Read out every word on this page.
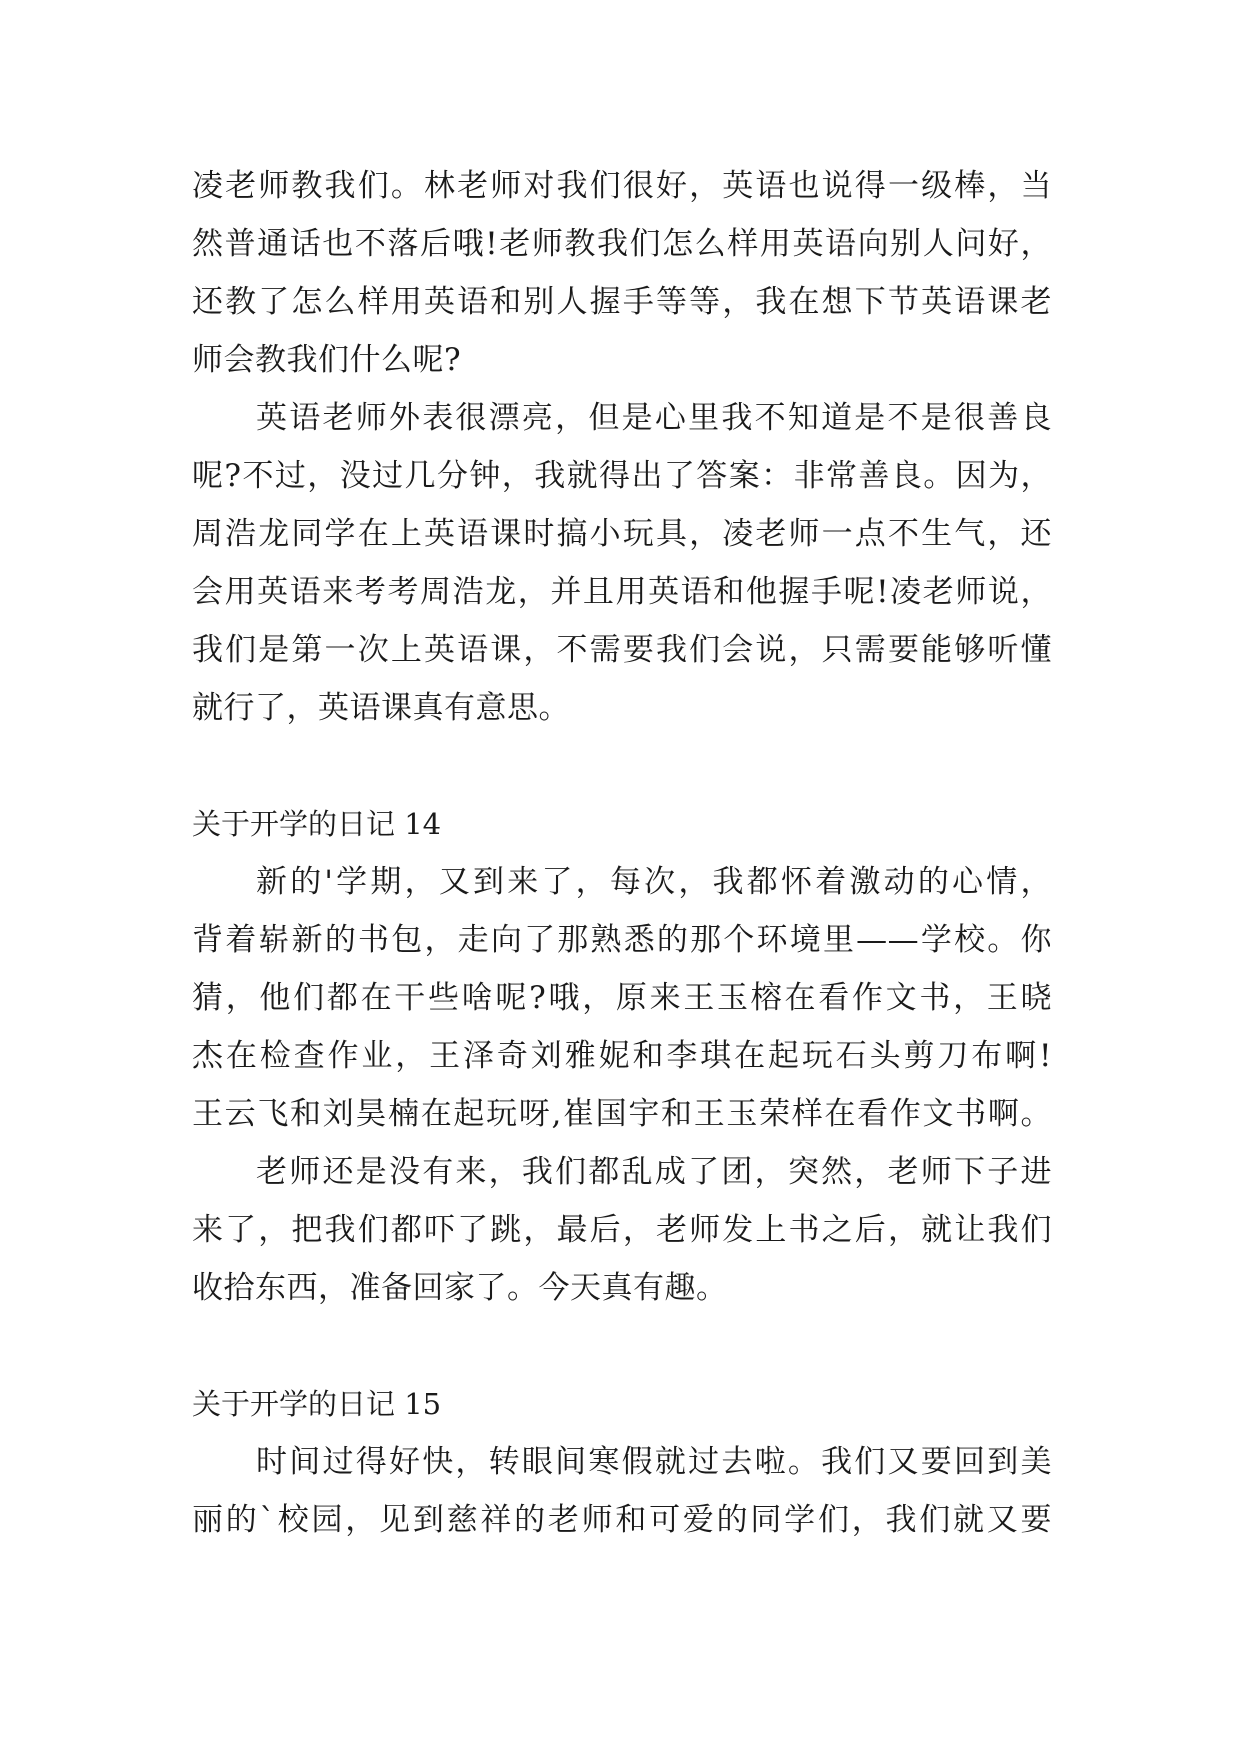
凌老师教我们。林老师对我们很好，英语也说得一级棒，当
然普通话也不落后哦!老师教我们怎么样用英语向别人问好，
还教了怎么样用英语和别人握手等等，我在想下节英语课老
师会教我们什么呢?
英语老师外表很漂亮，但是心里我不知道是不是很善良
呢?不过，没过几分钟，我就得出了答案：非常善良。因为，
周浩龙同学在上英语课时搞小玩具，凌老师一点不生气，还
会用英语来考考周浩龙，并且用英语和他握手呢!凌老师说，
我们是第一次上英语课，不需要我们会说，只需要能够听懂
就行了，英语课真有意思。
关于开学的日记 14
新的'学期，又到来了，每次，我都怀着激动的心情，
背着崭新的书包，走向了那熟悉的那个环境里——学校。你
猜，他们都在干些啥呢?哦，原来王玉榕在看作文书，王晓
杰在检查作业，王泽奇刘雅妮和李琪在起玩石头剪刀布啊!
王云飞和刘昊楠在起玩呀,崔国宇和王玉荣样在看作文书啊。
老师还是没有来，我们都乱成了团，突然，老师下子进
来了，把我们都吓了跳，最后，老师发上书之后，就让我们
收拾东西，准备回家了。今天真有趣。
关于开学的日记 15
时间过得好快，转眼间寒假就过去啦。我们又要回到美
丽的`校园，见到慈祥的老师和可爱的同学们，我们就又要
